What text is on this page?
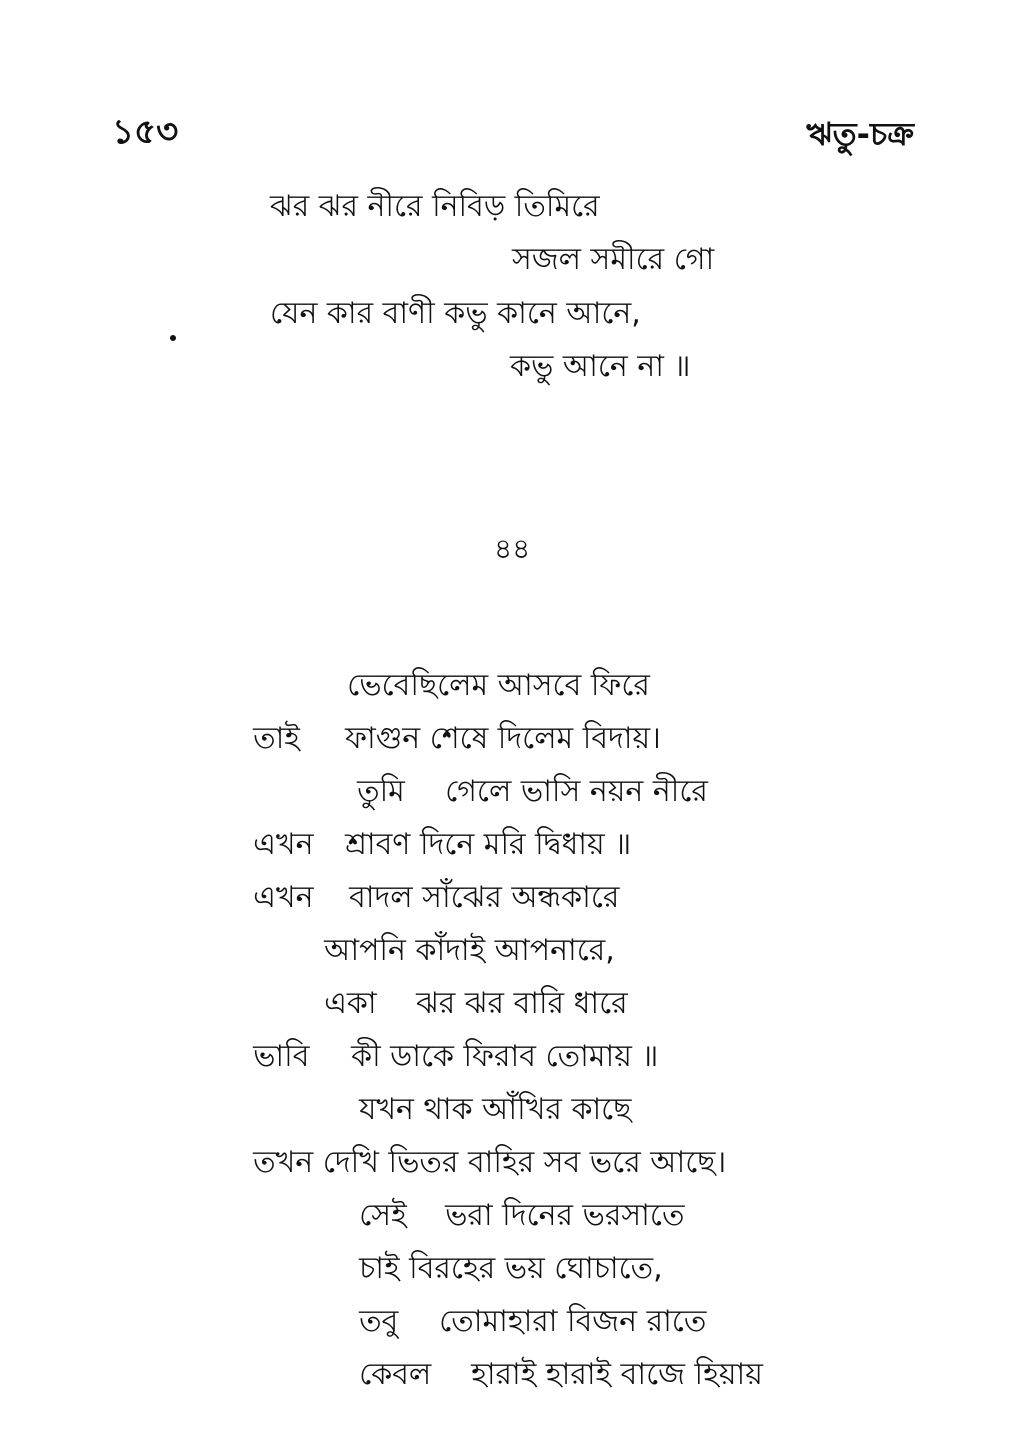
১৫৩	ঋতু-চক্র
ঝর ঝর নীরে নিবিড় তিমিরে
সজল সমীরে গো
যেন কার বাণী কভু কানে আনে,
কভু আনে না ॥
৪৪

ভেবেছিলেম আসবে ফিরে

তাই ফাগুন শেষে দিলেম বিদায়।

তুমি গেলে ভাসি নয়ন নীরে

এখন শ্রাবণ দিনে মরি দ্বিধায় ॥

এখন বাদল সাঁঝের অন্ধকারে

আপনি কাঁদাই আপনারে,

একা ঝর ঝর বারি ধারে

ভাবি কী ডাকে ফিরাব তোমায় ॥

যখন থাক আঁখির কাছে

তখন দেখি ভিতর বাহির সব ভরে আছে।

সেই ভরা দিনের ভরসাতে

চাই বিরহের ভয় ঘোচাতে,

তবু তোমাহারা বিজন রাতে

কেবল হারাই হারাই বাজে হিয়ায়
